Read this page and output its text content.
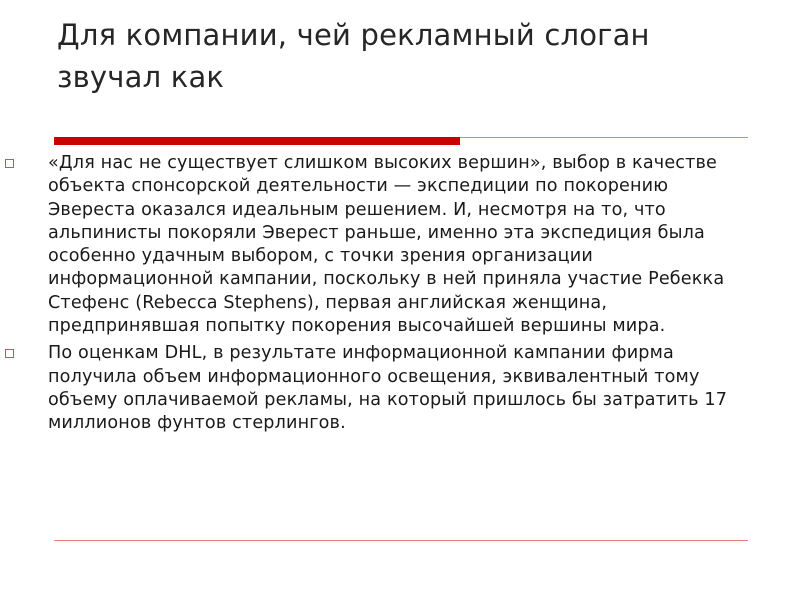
Для компании, чей рекламный слоган звучал как
«Для нас не существует слишком высоких вершин», выбор в качестве объекта спонсорской деятельности — экспедиции по покорению Эвереста оказался идеальным решением. И, несмотря на то, что альпинисты покоряли Эверест раньше, именно эта экспедиция была особенно удачным выбором, с точки зрения организации информационной кампании, поскольку в ней приняла участие Ребекка Стефенс (Rebecca Stephens), первая английская женщина, предпринявшая попытку покорения высочайшей вершины мира.
По оценкам DHL, в результате информационной кампании фирма получила объем информационного освещения, эквивалентный тому объему оплачиваемой рекламы, на который пришлось бы затратить 17 миллионов фунтов стерлингов.
